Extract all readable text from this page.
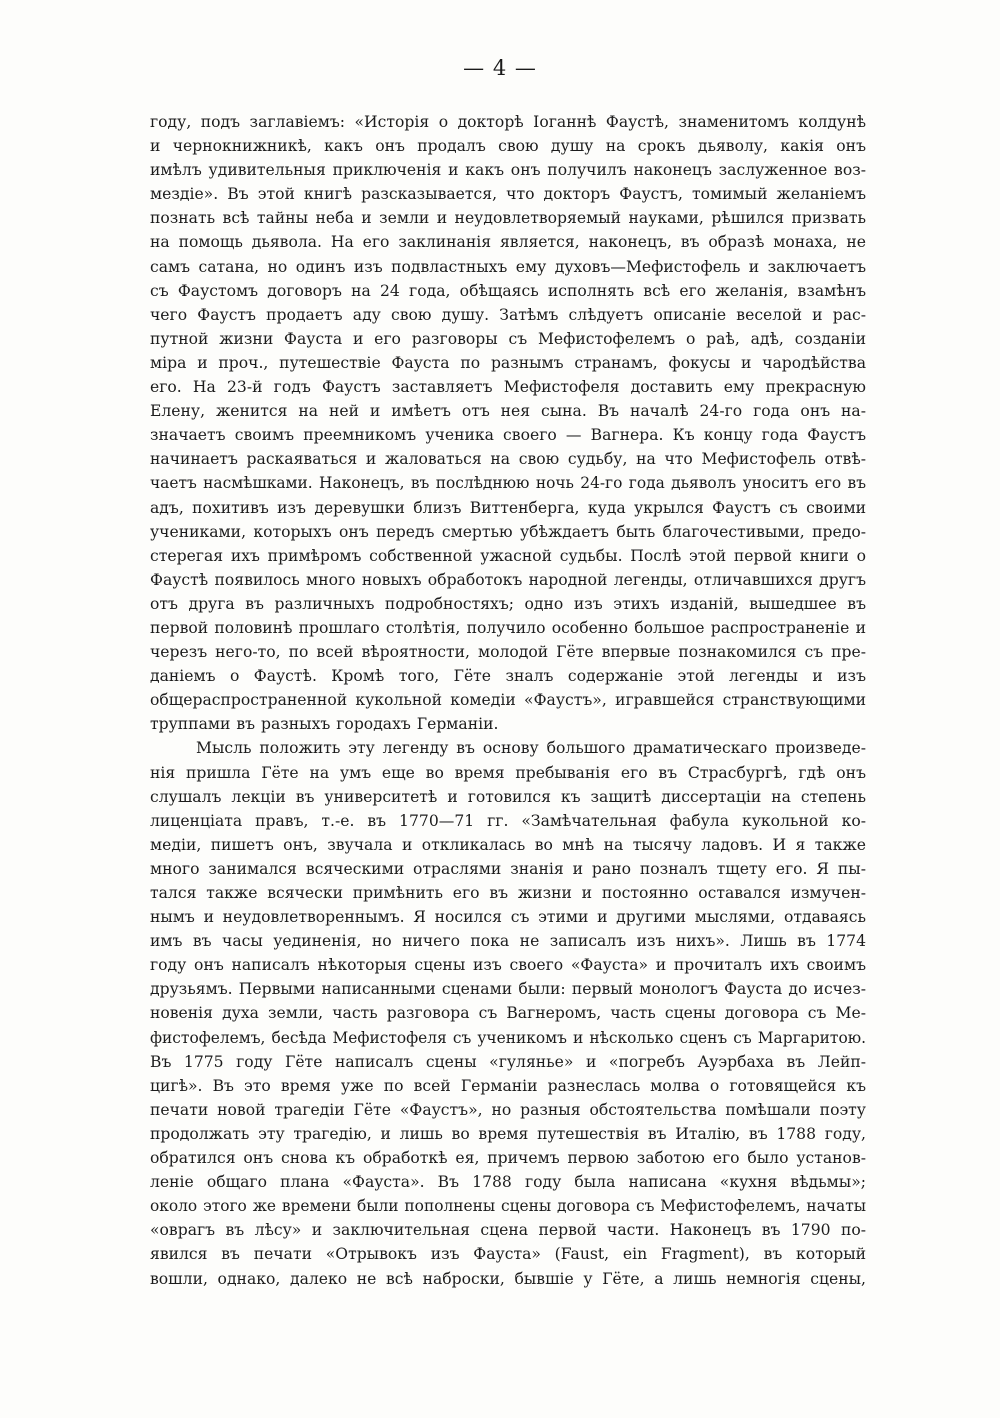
— 4 —
году, подъ заглавіемъ: «Исторія о докторѣ Іоганнѣ Фаустѣ, знаменитомъ колдунѣ
и чернокнижникѣ, какъ онъ продалъ свою душу на срокъ дьяволу, какія онъ
имѣлъ удивительныя приключенія и какъ онъ получилъ наконецъ заслуженное воз-
мездіе». Въ этой книгѣ разсказывается, что докторъ Фаустъ, томимый желаніемъ
познать всѣ тайны неба и земли и неудовлетворяемый науками, рѣшился призвать
на помощь дьявола. На его заклинанія является, наконецъ, въ образѣ монаха, не
самъ сатана, но одинъ изъ подвластныхъ ему духовъ—Мефистофель и заключаетъ
съ Фаустомъ договоръ на 24 года, обѣщаясь исполнять всѣ его желанія, взамѣнъ
чего Фаустъ продаетъ аду свою душу. Затѣмъ слѣдуетъ описаніе веселой и рас-
путной жизни Фауста и его разговоры съ Мефистофелемъ о раѣ, адѣ, созданіи
міра и проч., путешествіе Фауста по разнымъ странамъ, фокусы и чародѣйства
его. На 23-й годъ Фаустъ заставляетъ Мефистофеля доставить ему прекрасную
Елену, женится на ней и имѣетъ отъ нея сына. Въ началѣ 24-го года онъ на-
значаетъ своимъ преемникомъ ученика своего — Вагнера. Къ концу года Фаустъ
начинаетъ раскаяваться и жаловаться на свою судьбу, на что Мефистофель отвѣ-
чаетъ насмѣшками. Наконецъ, въ послѣднюю ночь 24-го года дьяволъ уноситъ его въ
адъ, похитивъ изъ деревушки близъ Виттенберга, куда укрылся Фаустъ съ своими
учениками, которыхъ онъ передъ смертью убѣждаетъ быть благочестивыми, предо-
стерегая ихъ примѣромъ собственной ужасной судьбы. Послѣ этой первой книги о
Фаустѣ появилось много новыхъ обработокъ народной легенды, отличавшихся другъ
отъ друга въ различныхъ подробностяхъ; одно изъ этихъ изданій, вышедшее въ
первой половинѣ прошлаго столѣтія, получило особенно большое распространеніе и
черезъ него-то, по всей вѣроятности, молодой Гёте впервые познакомился съ пре-
даніемъ о Фаустѣ. Кромѣ того, Гёте зналъ содержаніе этой легенды и изъ
общераспространенной кукольной комедіи «Фаустъ», игравшейся странствующими
труппами въ разныхъ городахъ Германіи.
Мысль положить эту легенду въ основу большого драматическаго произведе-
нія пришла Гёте на умъ еще во время пребыванія его въ Страсбургѣ, гдѣ онъ
слушалъ лекціи въ университетѣ и готовился къ защитѣ диссертаціи на степень
лиценціата правъ, т.-е. въ 1770—71 гг. «Замѣчательная фабула кукольной ко-
медіи, пишетъ онъ, звучала и откликалась во мнѣ на тысячу ладовъ. И я также
много занимался всяческими отраслями знанія и рано позналъ тщету его. Я пы-
тался также всячески примѣнить его въ жизни и постоянно оставался измучен-
нымъ и неудовлетвореннымъ. Я носился съ этими и другими мыслями, отдаваясь
имъ въ часы уединенія, но ничего пока не записалъ изъ нихъ». Лишь въ 1774
году онъ написалъ нѣкоторыя сцены изъ своего «Фауста» и прочиталъ ихъ своимъ
друзьямъ. Первыми написанными сценами были: первый монологъ Фауста до исчез-
новенія духа земли, часть разговора съ Вагнеромъ, часть сцены договора съ Ме-
фистофелемъ, бесѣда Мефистофеля съ ученикомъ и нѣсколько сценъ съ Маргаритою.
Въ 1775 году Гёте написалъ сцены «гулянье» и «погребъ Ауэрбаха въ Лейп-
цигѣ». Въ это время уже по всей Германіи разнеслась молва о готовящейся къ
печати новой трагедіи Гёте «Фаустъ», но разныя обстоятельства помѣшали поэту
продолжать эту трагедію, и лишь во время путешествія въ Италію, въ 1788 году,
обратился онъ снова къ обработкѣ ея, причемъ первою заботою его было установ-
леніе общаго плана «Фауста». Въ 1788 году была написана «кухня вѣдьмы»;
около этого же времени были пополнены сцены договора съ Мефистофелемъ, начаты
«оврагъ въ лѣсу» и заключительная сцена первой части. Наконецъ въ 1790 по-
явился въ печати «Отрывокъ изъ Фауста» (Faust, ein Fragment), въ который
вошли, однако, далеко не всѣ наброски, бывшіе у Гёте, а лишь немногія сцены,
